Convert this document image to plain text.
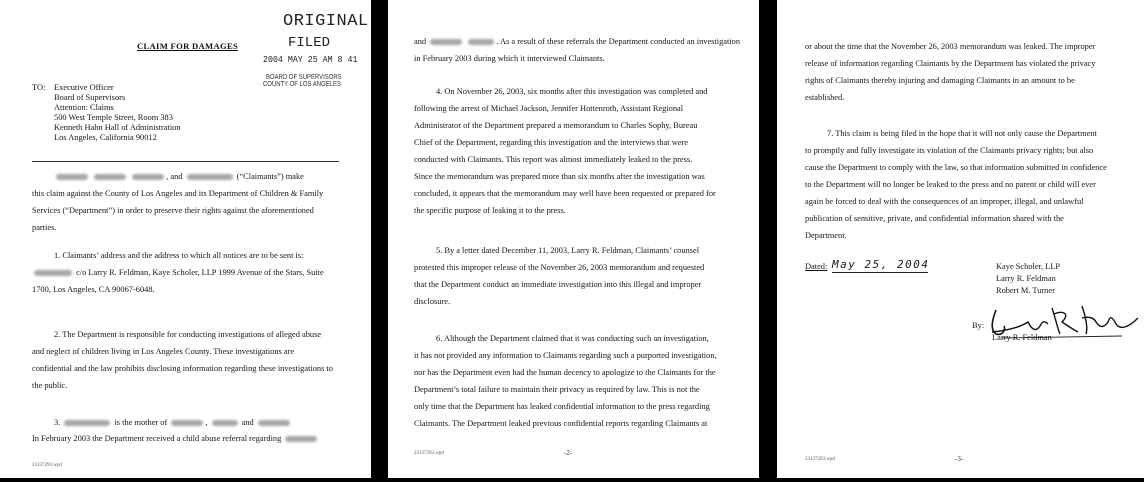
ORIGINAL
FILED
2004 MAY 25 AM 8 41
BOARD OF SUPERVISORS
COUNTY OF LOS ANGELES
CLAIM FOR DAMAGES
TO: Executive Officer
Board of Supervisors
Attention: Claims
500 West Temple Street, Room 383
Kenneth Hahn Hall of Administration
Los Angeles, California 90012
, and	(“Claimants”) make
this claim against the County of Los Angeles and its Department of Children & Family
Services (“Department”) in order to preserve their rights against the aforementioned
parties.
1. Claimants’ address and the address to which all notices are to be sent is:
c/o Larry R. Feldman, Kaye Scholer, LLP 1999 Avenue of the Stars, Suite
1700, Los Angeles, CA 90067-6048.
2. The Department is responsible for conducting investigations of alleged abuse
and neglect of children living in Los Angeles County. These investigations are
confidential and the law prohibits disclosing information regarding these investigations to
the public.
3.	is the mother of	,	and
In February 2003 the Department received a child abuse referral regarding
23137293.wpd
and	. As a result of these referrals the Department conducted an investigation
in February 2003 during which it interviewed Claimants.
4. On November 26, 2003, six months after this investigation was completed and
following the arrest of Michael Jackson, Jennifer Hottenroth, Assistant Regional
Administrator of the Department prepared a memorandum to Charles Sophy, Bureau
Chief of the Department, regarding this investigation and the interviews that were
conducted with Claimants. This report was almost immediately leaked to the press.
Since the memorandum was prepared more than six months after the investigation was
concluded, it appears that the memorandum may well have been requested or prepared for
the specific purpose of leaking it to the press.
5. By a letter dated December 11, 2003, Larry R. Feldman, Claimants’ counsel
protested this improper release of the November 26, 2003 memorandum and requested
that the Department conduct an immediate investigation into this illegal and improper
disclosure.
6. Although the Department claimed that it was conducting such an investigation,
it has not provided any information to Claimants regarding such a purported investigation,
nor has the Department even had the human decency to apologize to the Claimants for the
Department’s total failure to maintain their privacy as required by law. This is not the
only time that the Department has leaked confidential information to the press regarding
Claimants. The Department leaked previous confidential reports regarding Claimants at
23137293.wpd	-2-
or about the time that the November 26, 2003 memorandum was leaked. The improper
release of information regarding Claimants by the Department has violated the privacy
rights of Claimants thereby injuring and damaging Claimants in an amount to be
established.
7. This claim is being filed in the hope that it will not only cause the Department
to promptly and fully investigate its violation of the Claimants privacy rights; but also
cause the Department to comply with the law, so that information submitted in confidence
to the Department will no longer be leaked to the press and no parent or child will ever
again be forced to deal with the consequences of an improper, illegal, and unlawful
publication of sensitive, private, and confidential information shared with the
Department.
Dated: May 25, 2004	Kaye Scholer, LLP
Larry R. Feldman
Robert M. Turner
By:
Larry R. Feldman
23137293.wpd	-3-
